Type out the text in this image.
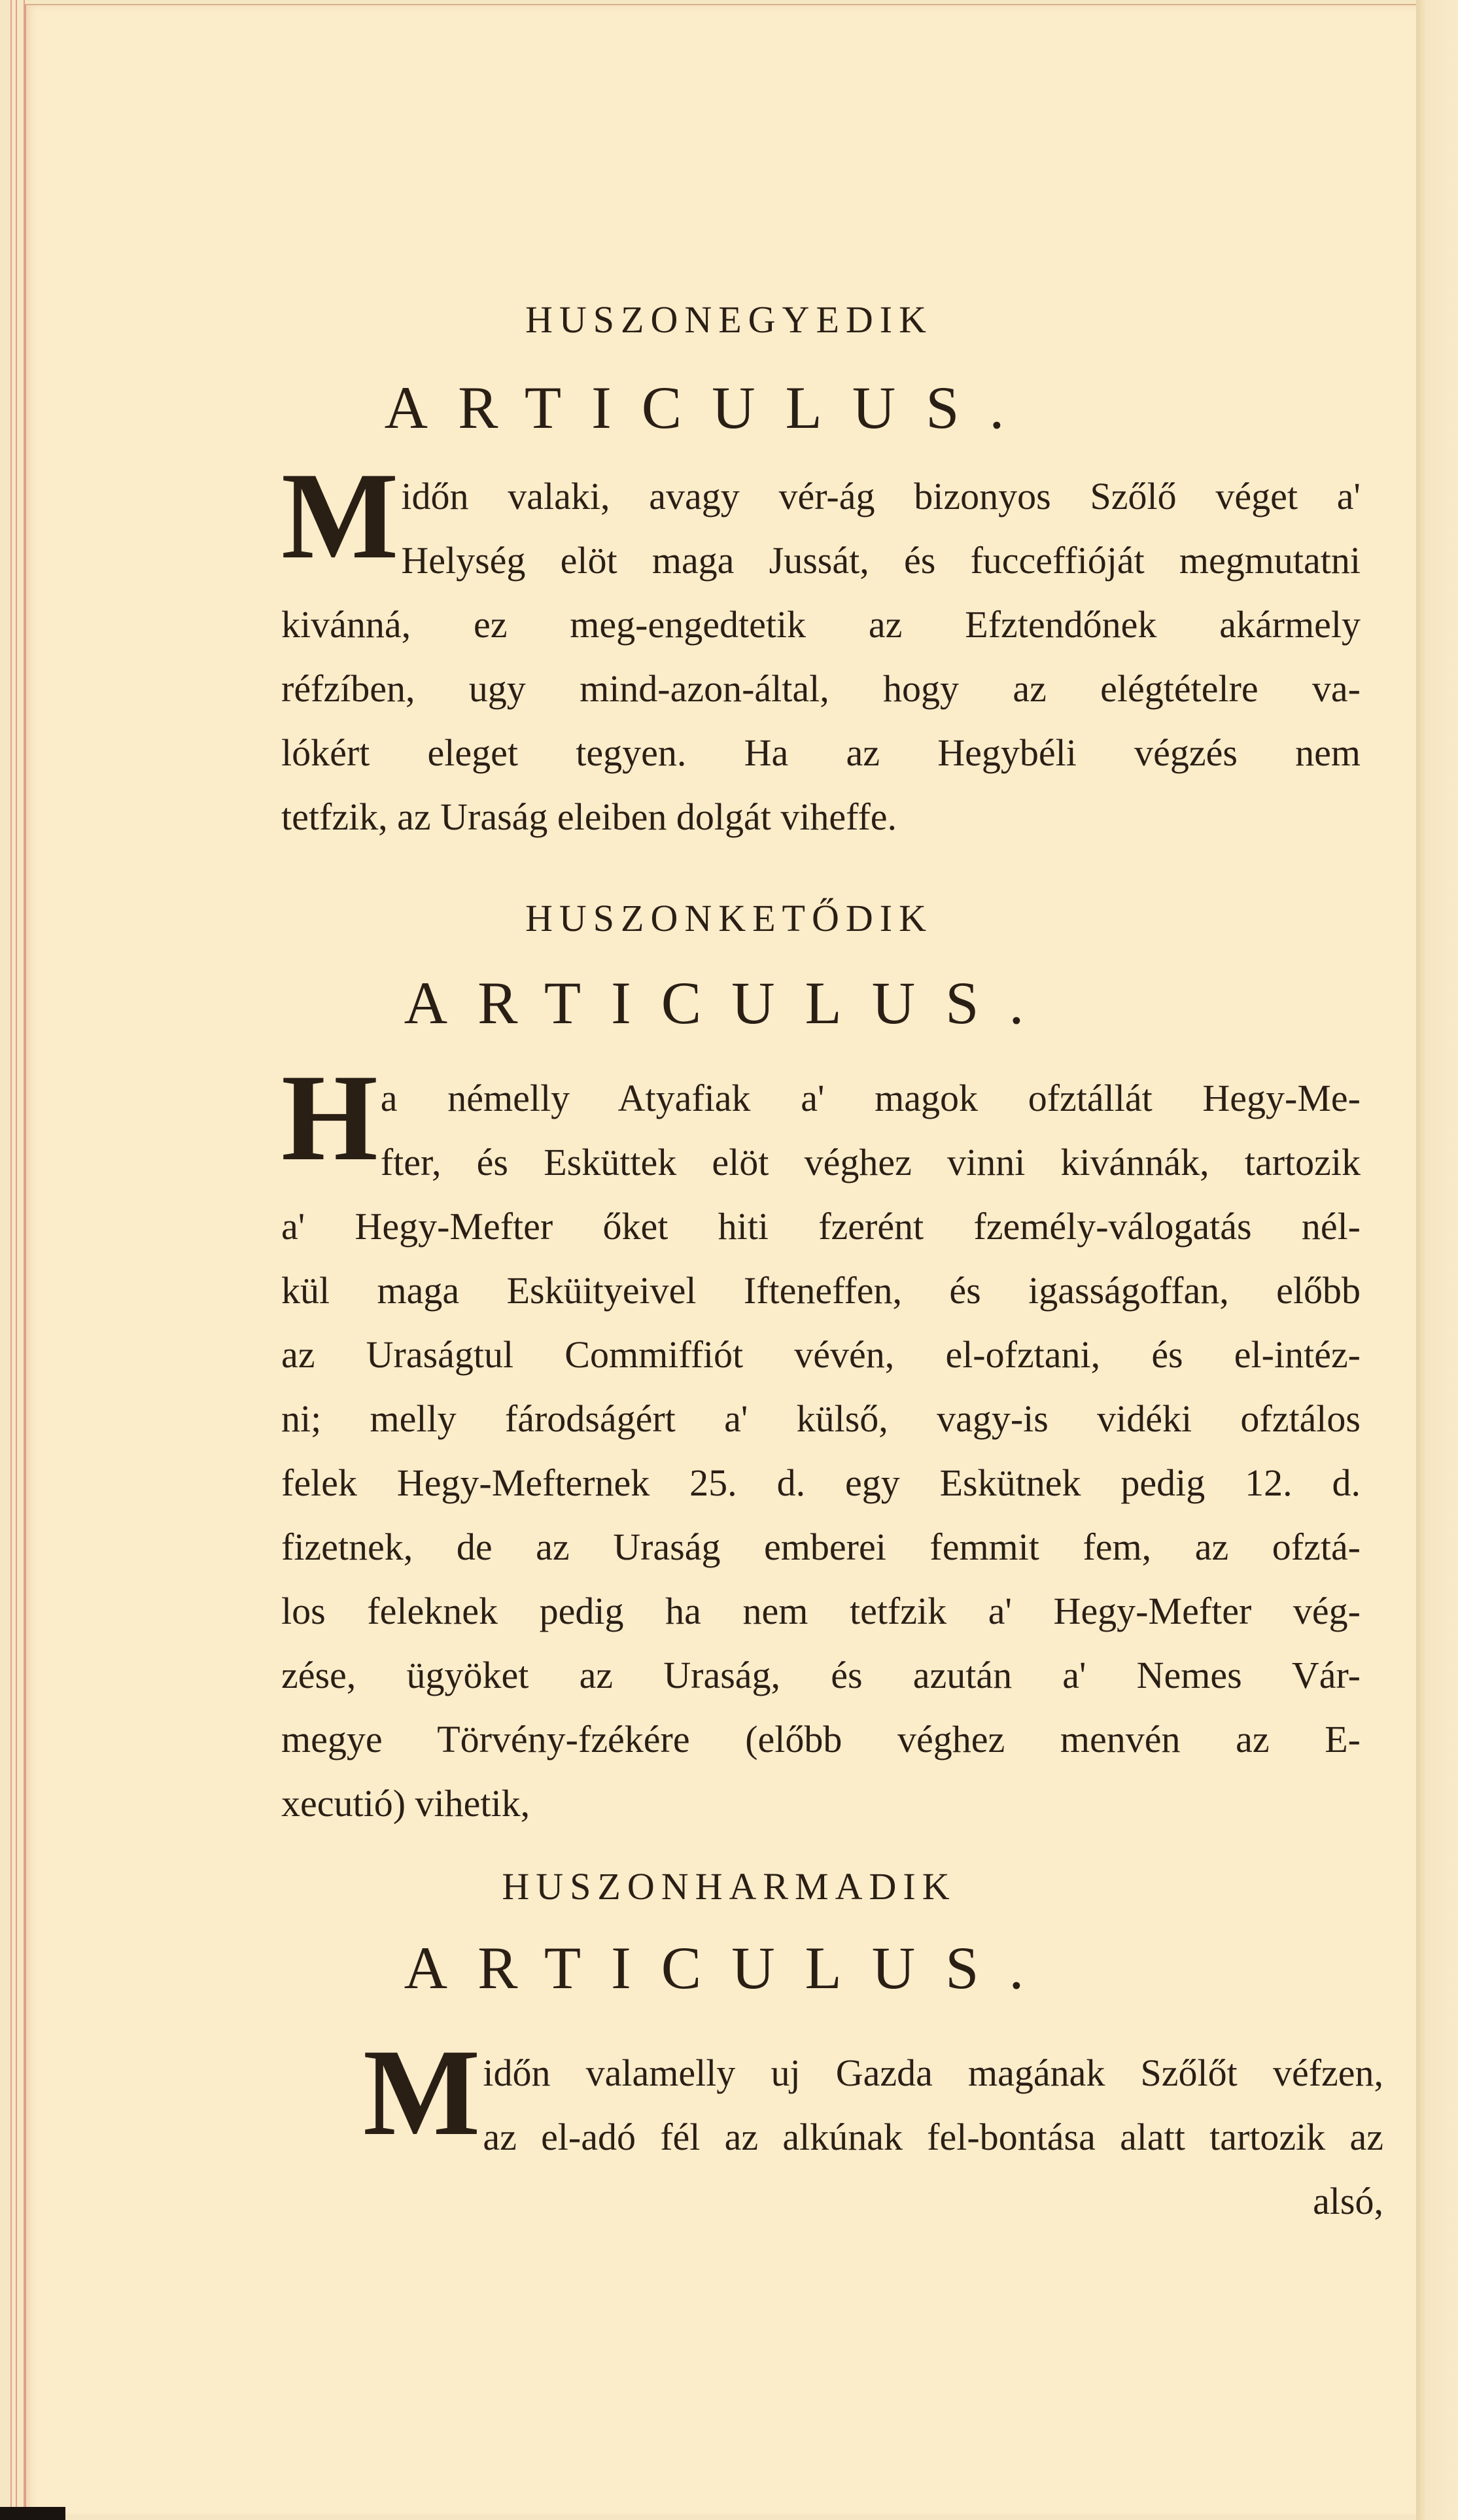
HUSZONEGYEDIK
ARTICULUS.
M időn valaki, avagy vér-ág bizonyos Szőlő véget a'
Helység elöt maga Jussát, és fucceffióját megmutatni
kivánná, ez meg-engedtetik az Efztendőnek akármely
réfzíben, ugy mind-azon-által, hogy az elégtételre va-
lókért eleget tegyen. Ha az Hegybéli végzés nem
tetfzik, az Uraság eleiben dolgát viheffe.
HUSZONKETŐDIK
ARTICULUS.
H a némelly Atyafiak a' magok ofztállát Hegy-Me-
fter, és Esküttek elöt véghez vinni kivánnák, tartozik
a' Hegy-Mefter őket hiti fzerént fzemély-válogatás nél-
kül maga Esküityeivel Ifteneffen, és igasságoffan, előbb
az Uraságtul Commiffiót vévén, el-ofztani, és el-intéz-
ni; melly fárodságért a' külső, vagy-is vidéki ofztálos
felek Hegy-Mefternek 25. d. egy Eskütnek pedig 12. d.
fizetnek, de az Uraság emberei femmit fem, az ofztá-
los feleknek pedig ha nem tetfzik a' Hegy-Mefter vég-
zése, ügyöket az Uraság, és azután a' Nemes Vár-
megye Törvény-fzékére (előbb véghez menvén az E-
xecutió) vihetik,
HUSZONHARMADIK
ARTICULUS.
M időn valamelly uj Gazda magának Szőlőt véfzen,
az el-adó fél az alkúnak fel-bontása alatt tartozik az
alsó,
